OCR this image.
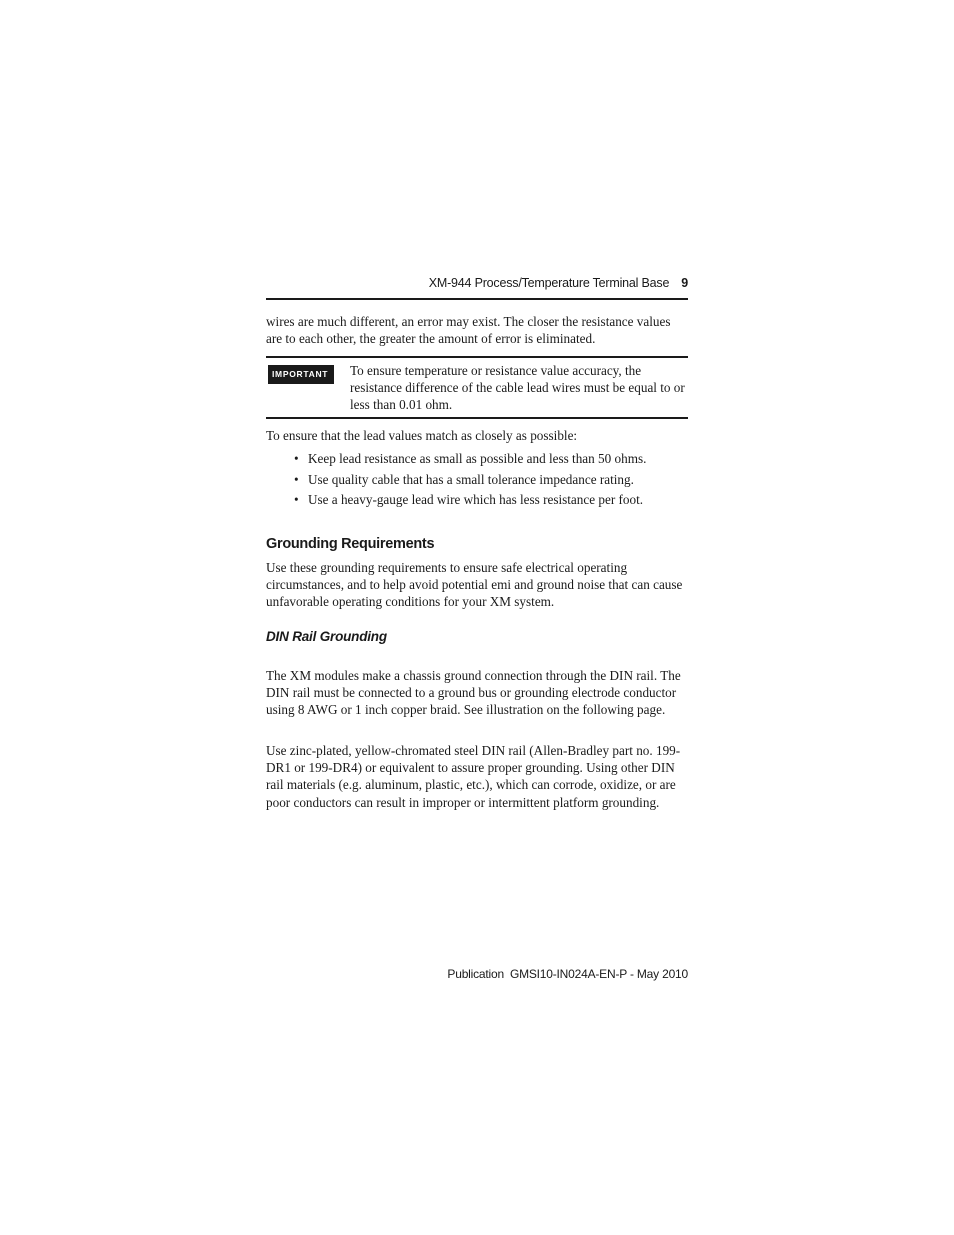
XM-944 Process/Temperature Terminal Base 9

wires are much different, an error may exist. The closer the resistance values are to each other, the greater the amount of error is eliminated.

IMPORTANT	To ensure temperature or resistance value accuracy, the resistance difference of the cable lead wires must be equal to or less than 0.01 ohm.

To ensure that the lead values match as closely as possible:

• Keep lead resistance as small as possible and less than 50 ohms.
• Use quality cable that has a small tolerance impedance rating.
• Use a heavy-gauge lead wire which has less resistance per foot.
Grounding Requirements

Use these grounding requirements to ensure safe electrical operating circumstances, and to help avoid potential emi and ground noise that can cause unfavorable operating conditions for your XM system.

DIN Rail Grounding

The XM modules make a chassis ground connection through the DIN rail. The DIN rail must be connected to a ground bus or grounding electrode conductor using 8 AWG or 1 inch copper braid. See illustration on the following page.

Use zinc-plated, yellow-chromated steel DIN rail (Allen-Bradley part no. 199-DR1 or 199-DR4) or equivalent to assure proper grounding. Using other DIN rail materials (e.g. aluminum, plastic, etc.), which can corrode, oxidize, or are poor conductors can result in improper or intermittent platform grounding.

Publication GMSI10-IN024A-EN-P - May 2010
